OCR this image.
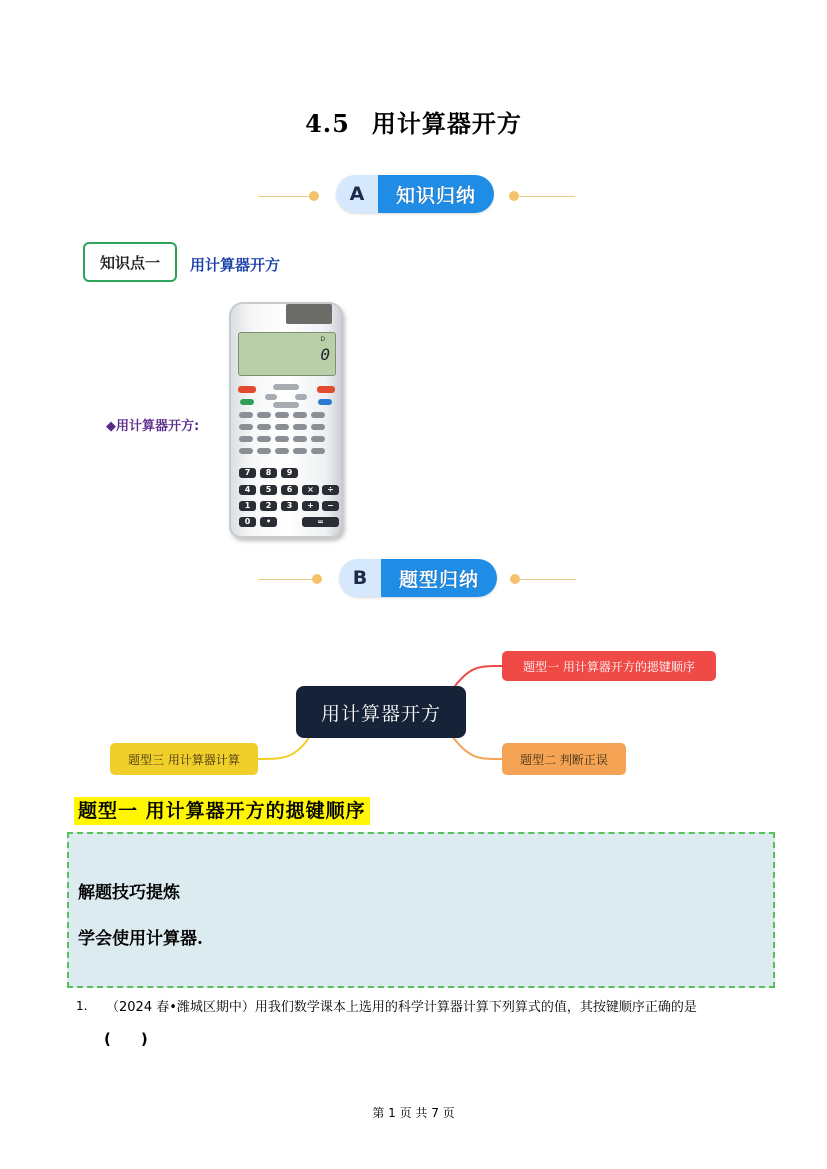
4.5 用计算器开方
A	知识归纳
知识点一	用计算器开方
◆用计算器开方:
D
0
7	8	9
4	5	6	×	÷
1	2	3	+	−
0	•	=
B	题型归纳
用计算器开方
题型一 用计算器开方的揌键顺序
题型二 判断正误
题型三 用计算器计算
题型一 用计算器开方的揌键顺序
解题技巧提炼
学会使用计算器.
1. （2024 春•潍城区期中）用我们数学课本上选用的科学计算器计算下列算式的值，其按键顺序正确的是
(　　)
第 1 页 共 7 页
